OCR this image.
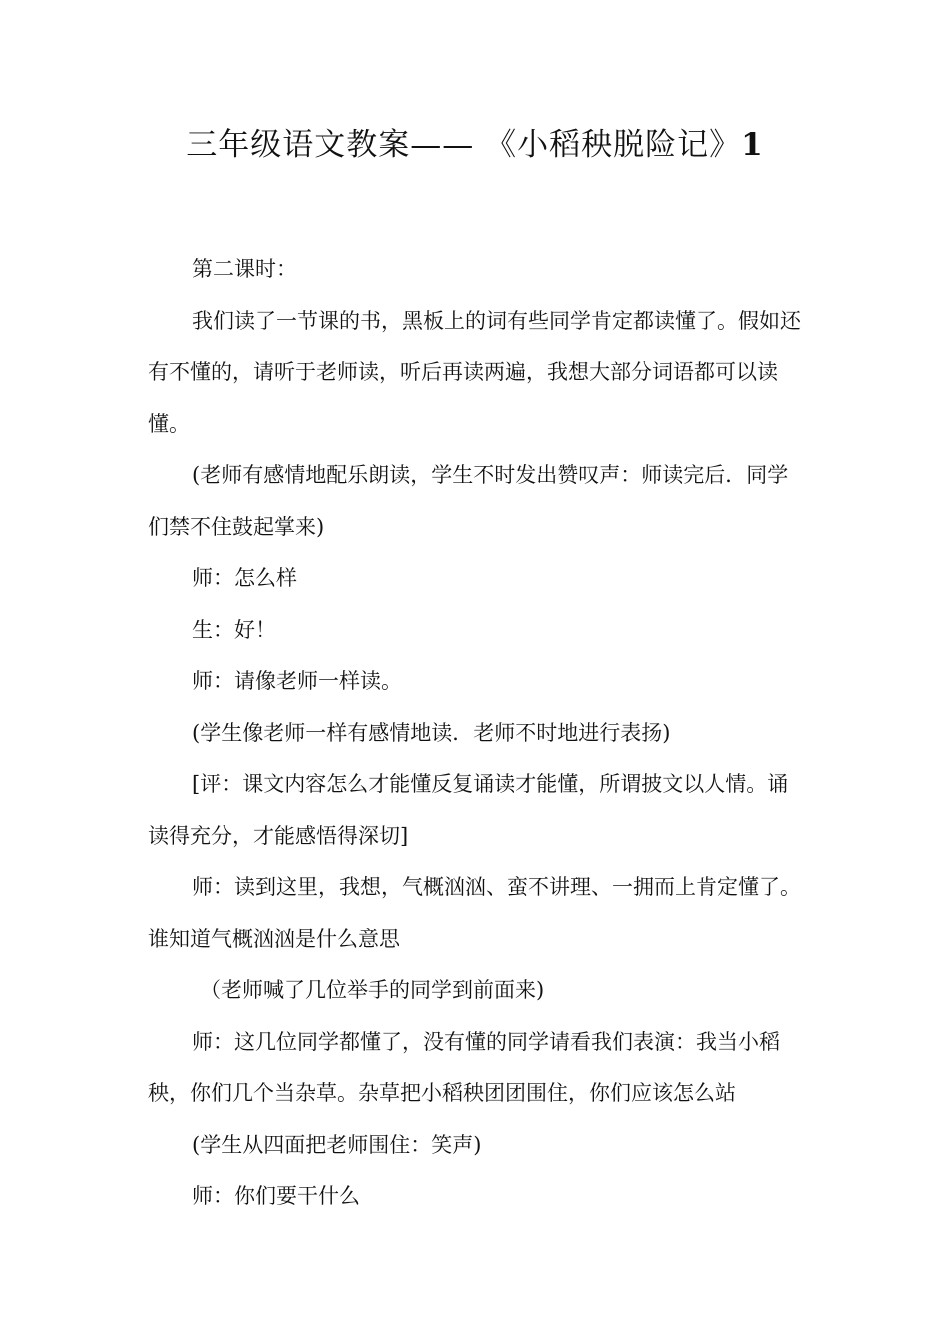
三年级语文教案—— 《小稻秧脱险记》1

第二课时：

我们读了一节课的书，黑板上的词有些同学肯定都读懂了。假如还有不懂的，请听于老师读，听后再读两遍，我想大部分词语都可以读懂。

(老师有感情地配乐朗读，学生不时发出赞叹声：师读完后．同学们禁不住鼓起掌来)

师：怎么样

生：好！

师：请像老师一样读。

(学生像老师一样有感情地读．老师不时地进行表扬)

[评：课文内容怎么才能懂反复诵读才能懂，所谓披文以人情。诵读得充分，才能感悟得深切]

师：读到这里，我想，气概汹汹、蛮不讲理、一拥而上肯定懂了。谁知道气概汹汹是什么意思

（老师喊了几位举手的同学到前面来)

师：这几位同学都懂了，没有懂的同学请看我们表演：我当小稻秧，你们几个当杂草。杂草把小稻秧团团围住，你们应该怎么站

(学生从四面把老师围住：笑声)

师：你们要干什么
